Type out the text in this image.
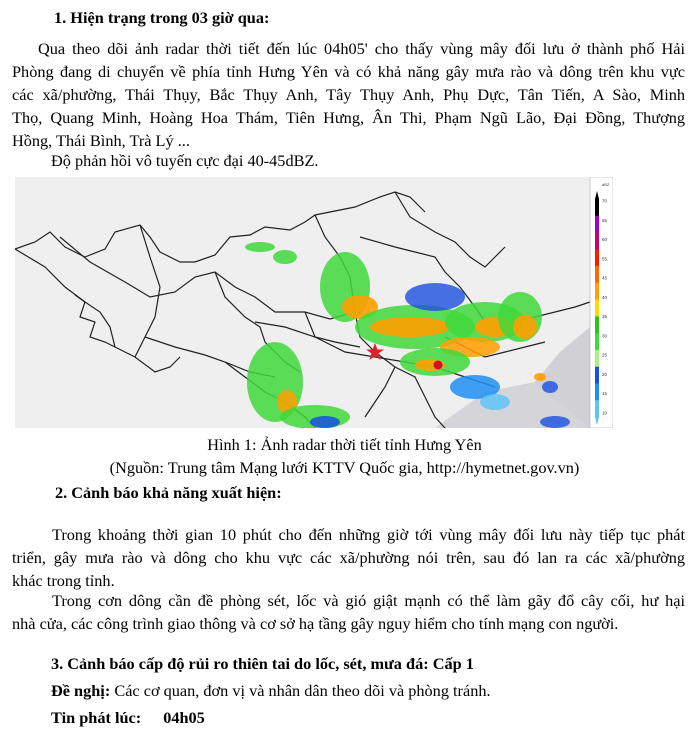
1. Hiện trạng trong 03 giờ qua:
Qua theo dõi ảnh radar thời tiết đến lúc 04h05' cho thấy vùng mây đối lưu ở thành phố Hải
Phòng đang di chuyển về phía tỉnh Hưng Yên và có khả năng gây mưa rào và dông trên khu vực
các xã/phường, Thái Thụy, Bắc Thụy Anh, Tây Thụy Anh, Phụ Dực, Tân Tiến, A Sào, Minh
Thọ, Quang Minh, Hoàng Hoa Thám, Tiên Hưng, Ân Thi, Phạm Ngũ Lão, Đại Đồng, Thượng
Hồng, Thái Bình, Trà Lý ...
Độ phản hồi vô tuyến cực đại 40-45dBZ.
dBZ
70
65
60
55
45
40
35
30
25
20
15
10
Hình 1: Ảnh radar thời tiết tỉnh Hưng Yên
(Nguồn: Trung tâm Mạng lưới KTTV Quốc gia, http://hymetnet.gov.vn)
2. Cảnh báo khả năng xuất hiện:
Trong khoảng thời gian 10 phút cho đến những giờ tới vùng mây đối lưu này tiếp tục phát
triển, gây mưa rào và dông cho khu vực các xã/phường nói trên, sau đó lan ra các xã/phường
khác trong tỉnh.
Trong cơn dông cần đề phòng sét, lốc và gió giật mạnh có thể làm gãy đổ cây cối, hư hại
nhà cửa, các công trình giao thông và cơ sở hạ tầng gây nguy hiểm cho tính mạng con người.
3. Cảnh báo cấp độ rủi ro thiên tai do lốc, sét, mưa đá: Cấp 1
Đề nghị: Các cơ quan, đơn vị và nhân dân theo dõi và phòng tránh.
Tin phát lúc: 04h05
